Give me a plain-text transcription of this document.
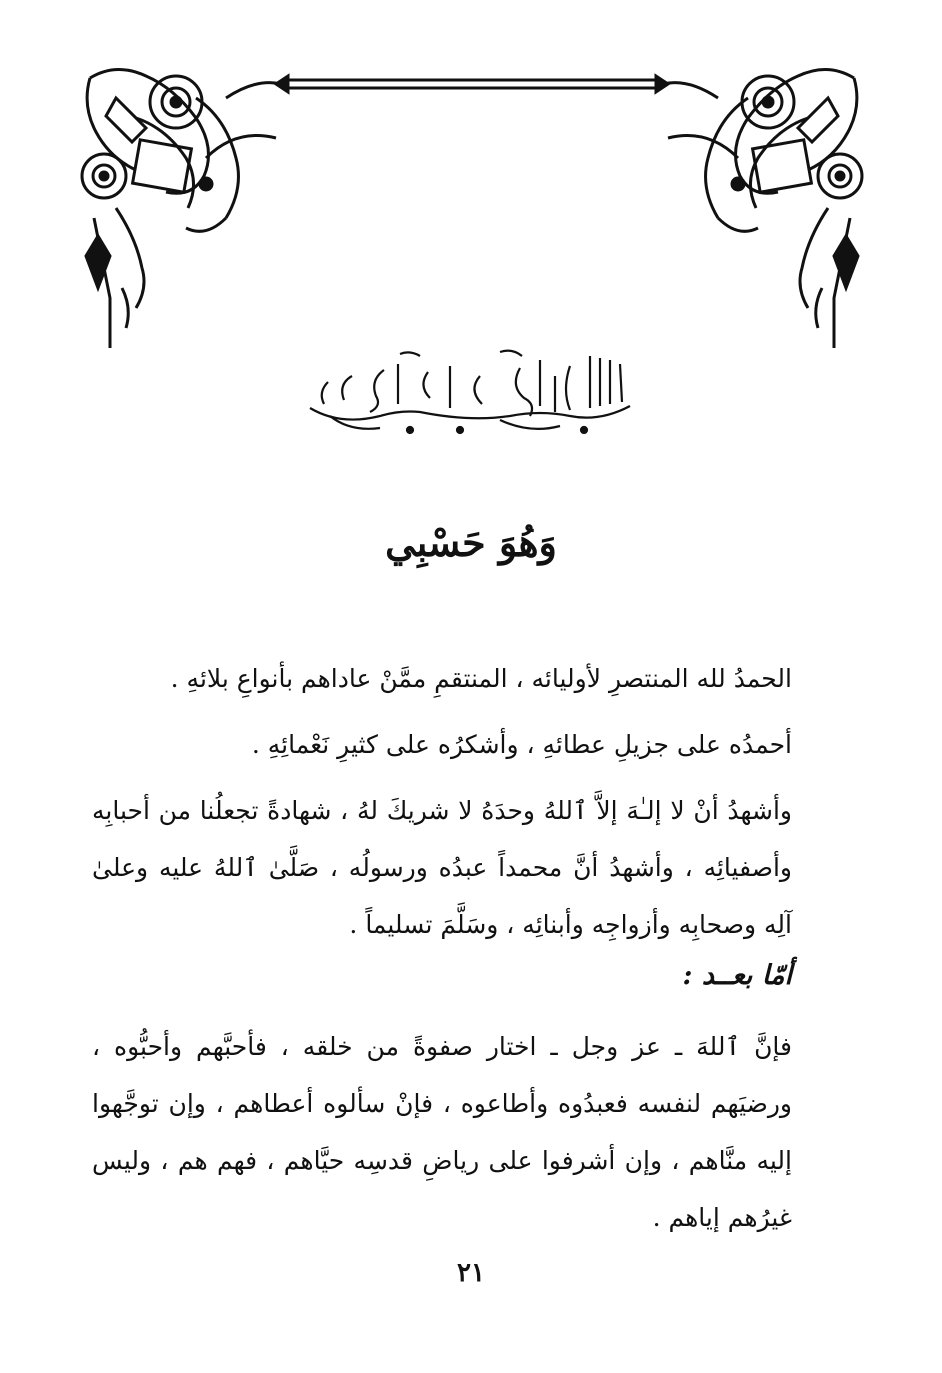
وَهُوَ حَسْبِي

الحمدُ لله المنتصرِ لأوليائه ، المنتقمِ ممَّنْ عاداهم بأنواعِ بلائهِ .

أحمدُه على جزيلِ عطائهِ ، وأشكرُه على كثيرِ نَعْمائِهِ .

وأشهدُ أنْ لا إلـٰهَ إلاَّ ٱللهُ وحدَهُ لا شريكَ لهُ ، شهادةً تجعلُنا من أحبابِه وأصفيائِه ، وأشهدُ أنَّ محمداً عبدُه ورسولُه ، صَلَّىٰ ٱللهُ عليه وعلىٰ آلِه وصحابِه وأزواجِه وأبنائِه ، وسَلَّمَ تسليماً .

أمّا بعــد :

فإنَّ ٱللهَ ـ عز وجل ـ اختار صفوةً من خلقه ، فأحبَّهم وأحبُّوه ، ورضيَهم لنفسه فعبدُوه وأطاعوه ، فإنْ سألوه أعطاهم ، وإن توجَّهوا إليه منَّاهم ، وإن أشرفوا على رياضِ قدسِه حيَّاهم ، فهم هم ، وليس غيرُهم إياهم .

٢١
